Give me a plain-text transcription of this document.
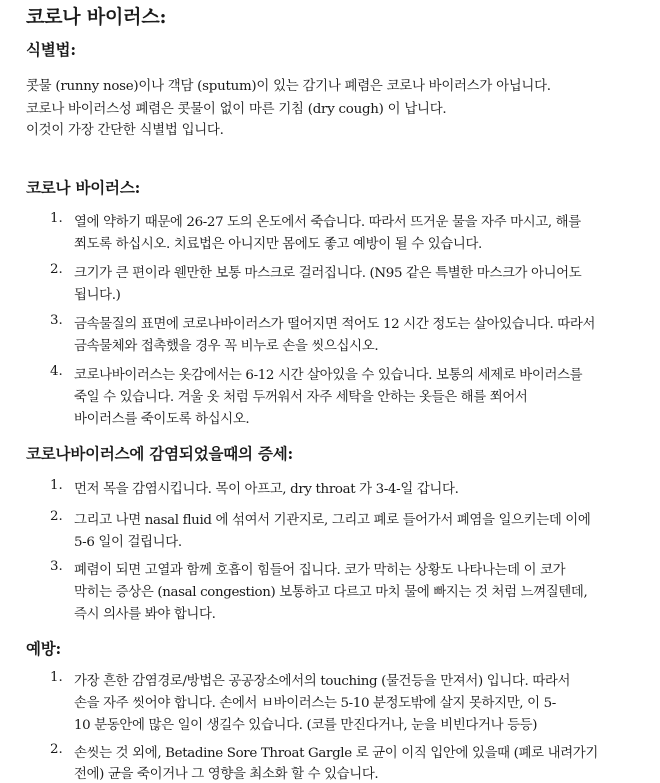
코로나 바이러스:
식별법:
콧물 (runny nose)이나 객담 (sputum)이 있는 감기나 폐렴은 코로나 바이러스가 아닙니다.
코로나 바이러스성 폐렴은 콧물이 없이 마른 기침 (dry cough) 이 납니다.
이것이 가장 간단한 식별법 입니다.
코로나 바이러스:
1. 열에 약하기 때문에 26-27 도의 온도에서 죽습니다. 따라서 뜨거운 물을 자주 마시고, 해를
쬐도록 하십시오. 치료법은 아니지만 몸에도 좋고 예방이 될 수 있습니다.
2. 크기가 큰 편이라 웬만한 보통 마스크로 걸러집니다. (N95 같은 특별한 마스크가 아니어도
됩니다.)
3. 금속물질의 표면에 코로나바이러스가 떨어지면 적어도 12 시간 정도는 살아있습니다. 따라서
금속물체와 접촉했을 경우 꼭 비누로 손을 씻으십시오.
4. 코로나바이러스는 옷감에서는 6-12 시간 살아있을 수 있습니다. 보통의 세제로 바이러스를
죽일 수 있습니다. 겨울 옷 처럼 두꺼워서 자주 세탁을 안하는 옷들은 해를 쬐어서
바이러스를 죽이도록 하십시오.
코로나바이러스에 감염되었을때의 증세:
1. 먼저 목을 감염시킵니다. 목이 아프고, dry throat 가 3-4-일 갑니다.
2. 그리고 나면 nasal fluid 에 섞여서 기관지로, 그리고 폐로 들어가서 폐염을 일으키는데 이에
5-6 일이 걸립니다.
3. 폐렴이 되면 고열과 함께 호흡이 힘들어 집니다. 코가 막히는 상황도 나타나는데 이 코가
막히는 증상은 (nasal congestion) 보통하고 다르고 마치 물에 빠지는 것 처럼 느껴질텐데,
즉시 의사를 봐야 합니다.
예방:
1. 가장 흔한 감염경로/방법은 공공장소에서의 touching (물건등을 만져서) 입니다. 따라서
손을 자주 씻어야 합니다. 손에서 ㅂ바이러스는 5-10 분정도밖에 살지 못하지만, 이 5-
10 분동안에 많은 일이 생길수 있습니다. (코를 만진다거나, 눈을 비빈다거나 등등)
2. 손씻는 것 외에, Betadine Sore Throat Gargle 로 균이 이직 입안에 있을때 (폐로 내려가기
전에) 균을 죽이거나 그 영향을 최소화 할 수 있습니다.
